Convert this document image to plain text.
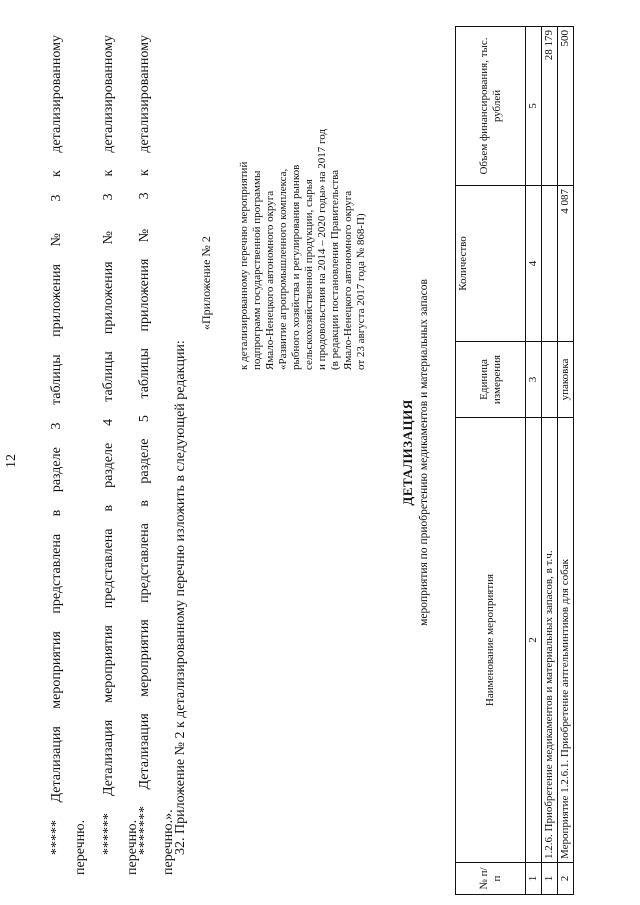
12	***** Детализация мероприятия представлена в разделе 3 таблицы приложения № 3 к детализированному перечню. ****** Детализация мероприятия представлена в разделе 4 таблицы приложения № 3 к детализированному перечню.
******* Детализация мероприятия представлена в разделе 5 таблицы приложения № 3 к детализированному перечню.».
32. Приложение № 2 к детализированному перечню изложить в следующей редакции:
«Приложение № 2 к детализированному перечню мероприятий подпрограмм государственной программы Ямало-Ненецкого автономного округа «Развитие агропромышленного комплекса, рыбного хозяйства и регулирования рынков сельскохозяйственной продукции, сырья и продовольствия на 2014 – 2020 годы» на 2017 год (в редакции постановления Правительства Ямало-Ненецкого автономного округа от 23 августа 2017 года № 868-П)
ДЕТАЛИЗАЦИЯ мероприятия по приобретению медикаментов и материальных запасов
№ п/п	Наименование мероприятия	Единица измерения	Количество	Объем финансирования, тыс. рублей
1	2	3	4	5
1	1.2.6. Приобретение медикаментов и материальных запасов, в т.ч.			28 179
2	Мероприятие 1.2.6.1. Приобретение антгельминтиков для собак	упаковка	4 087	500
